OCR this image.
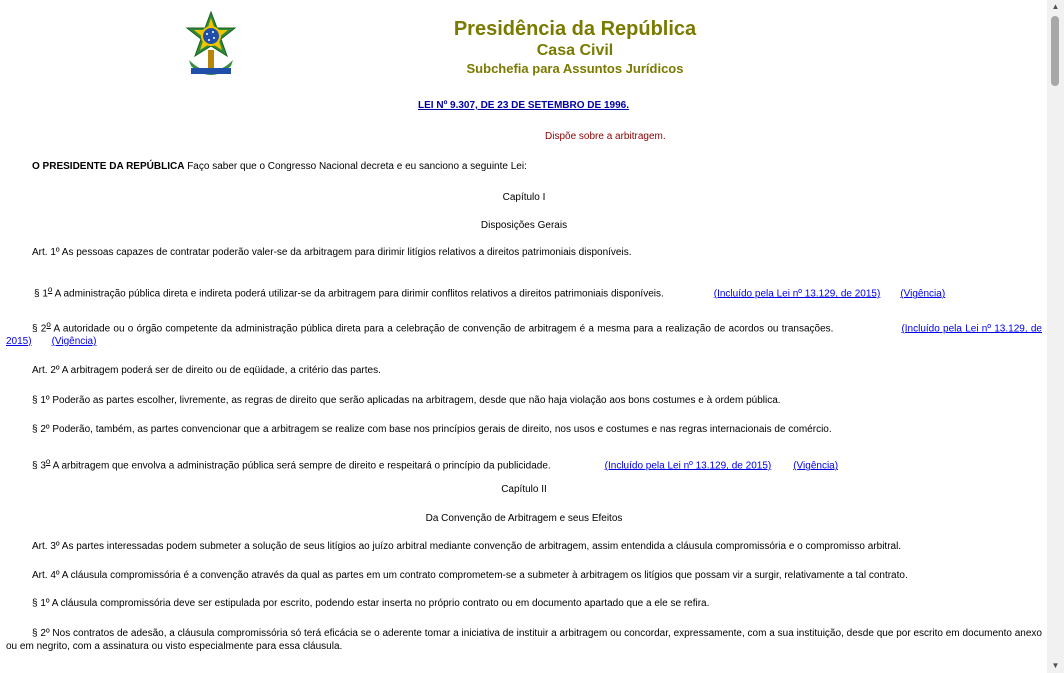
Presidência da República
Casa Civil
Subchefia para Assuntos Jurídicos
LEI Nº 9.307, DE 23 DE SETEMBRO DE 1996.
Dispõe sobre a arbitragem.
O PRESIDENTE DA REPÚBLICA Faço saber que o Congresso Nacional decreta e eu sanciono a seguinte Lei:
Capítulo I
Disposições Gerais
Art. 1º As pessoas capazes de contratar poderão valer-se da arbitragem para dirimir litígios relativos a direitos patrimoniais disponíveis.
§ 1$^o$ A administração pública direta e indireta poderá utilizar-se da arbitragem para dirimir conflitos relativos a direitos patrimoniais disponíveis.	(Incluído pela Lei nº 13.129, de 2015) (Vigência)
§ 2$^o$ A autoridade ou o órgão competente da administração pública direta para a celebração de convenção de arbitragem é a mesma para a realização de acordos ou transações.	(Incluído pela Lei nº 13.129, de 2015) (Vigência)
Art. 2º A arbitragem poderá ser de direito ou de eqüidade, a critério das partes.
§ 1º Poderão as partes escolher, livremente, as regras de direito que serão aplicadas na arbitragem, desde que não haja violação aos bons costumes e à ordem pública.
§ 2º Poderão, também, as partes convencionar que a arbitragem se realize com base nos princípios gerais de direito, nos usos e costumes e nas regras internacionais de comércio.
§ 3$^o$ A arbitragem que envolva a administração pública será sempre de direito e respeitará o princípio da publicidade.	(Incluído pela Lei nº 13.129, de 2015) (Vigência)
Capítulo II
Da Convenção de Arbitragem e seus Efeitos
Art. 3º As partes interessadas podem submeter a solução de seus litígios ao juízo arbitral mediante convenção de arbitragem, assim entendida a cláusula compromissória e o compromisso arbitral.
Art. 4º A cláusula compromissória é a convenção através da qual as partes em um contrato comprometem-se a submeter à arbitragem os litígios que possam vir a surgir, relativamente a tal contrato.
§ 1º A cláusula compromissória deve ser estipulada por escrito, podendo estar inserta no próprio contrato ou em documento apartado que a ele se refira.
§ 2º Nos contratos de adesão, a cláusula compromissória só terá eficácia se o aderente tomar a iniciativa de instituir a arbitragem ou concordar, expressamente, com a sua instituição, desde que por escrito em documento anexo ou em negrito, com a assinatura ou visto especialmente para essa cláusula.
▲
▼
